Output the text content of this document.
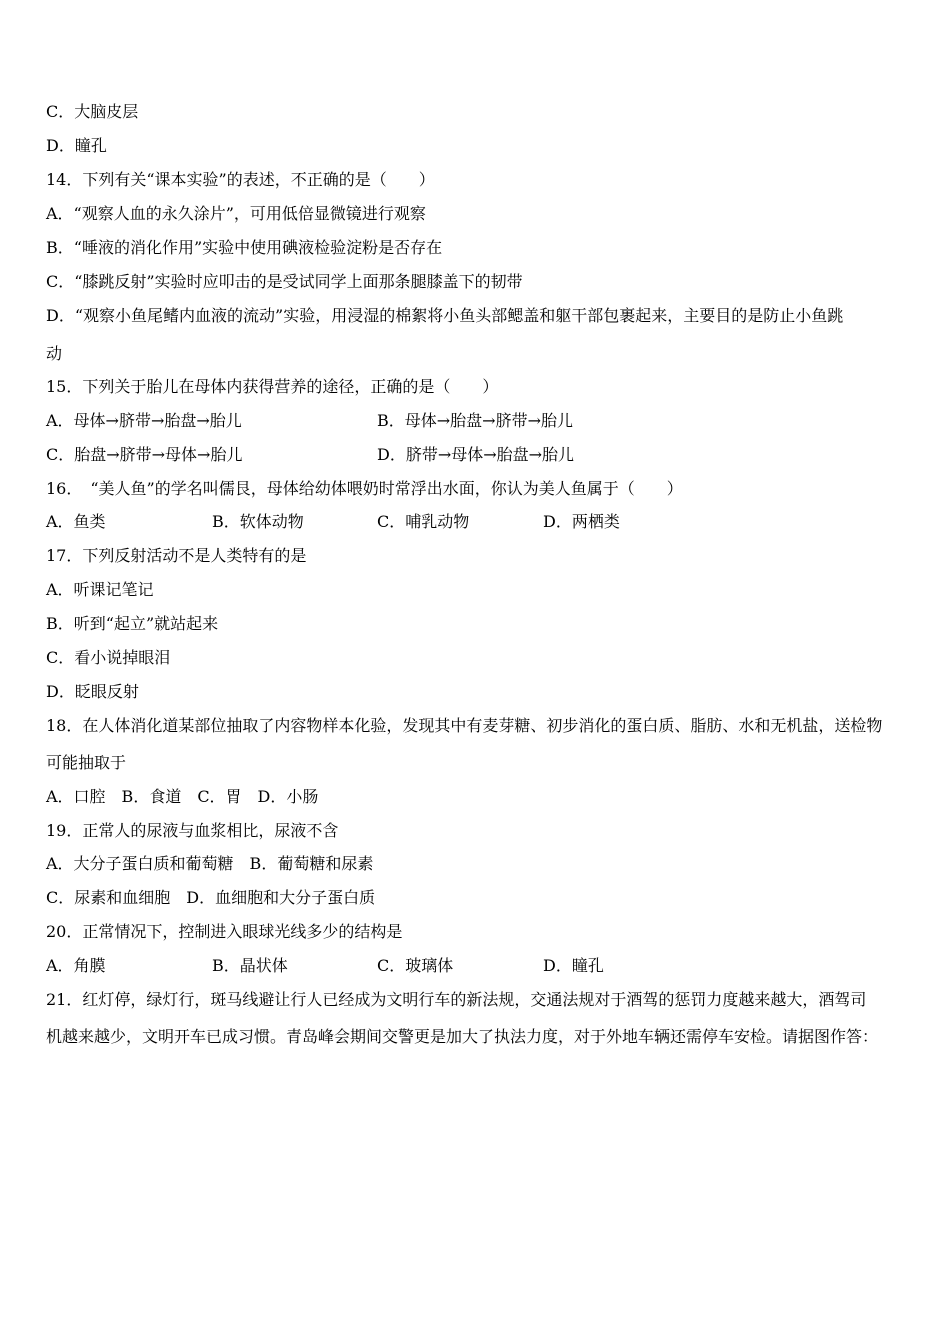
C．大脑皮层
D．瞳孔
14．下列有关“课本实验”的表述，不正确的是（　　）
A．“观察人血的永久涂片”，可用低倍显微镜进行观察
B．“唾液的消化作用”实验中使用碘液检验淀粉是否存在
C．“膝跳反射”实验时应叩击的是受试同学上面那条腿膝盖下的韧带
D．“观察小鱼尾鳍内血液的流动”实验，用浸湿的棉絮将小鱼头部鳃盖和躯干部包裹起来，主要目的是防止小鱼跳
动
15．下列关于胎儿在母体内获得营养的途径，正确的是（　　）
A．母体→脐带→胎盘→胎儿	B．母体→胎盘→脐带→胎儿
C．胎盘→脐带→母体→胎儿	D．脐带→母体→胎盘→胎儿
16．　“美人鱼”的学名叫儒艮，母体给幼体喂奶时常浮出水面，你认为美人鱼属于（　　）
A．鱼类	B．软体动物	C．哺乳动物	D．两栖类
17．下列反射活动不是人类特有的是
A．听课记笔记
B．听到“起立”就站起来
C．看小说掉眼泪
D．眨眼反射
18．在人体消化道某部位抽取了内容物样本化验，发现其中有麦芽糖、初步消化的蛋白质、脂肪、水和无机盐，送检物
可能抽取于
A．口腔　B．食道　C．胃　D．小肠
19．正常人的尿液与血浆相比，尿液不含
A．大分子蛋白质和葡萄糖　B．葡萄糖和尿素
C．尿素和血细胞　D．血细胞和大分子蛋白质
20．正常情况下，控制进入眼球光线多少的结构是
A．角膜	B．晶状体	C．玻璃体	D．瞳孔
21．红灯停，绿灯行，斑马线避让行人已经成为文明行车的新法规，交通法规对于酒驾的惩罚力度越来越大，酒驾司
机越来越少，文明开车已成习惯。青岛峰会期间交警更是加大了执法力度，对于外地车辆还需停车安检。请据图作答：
